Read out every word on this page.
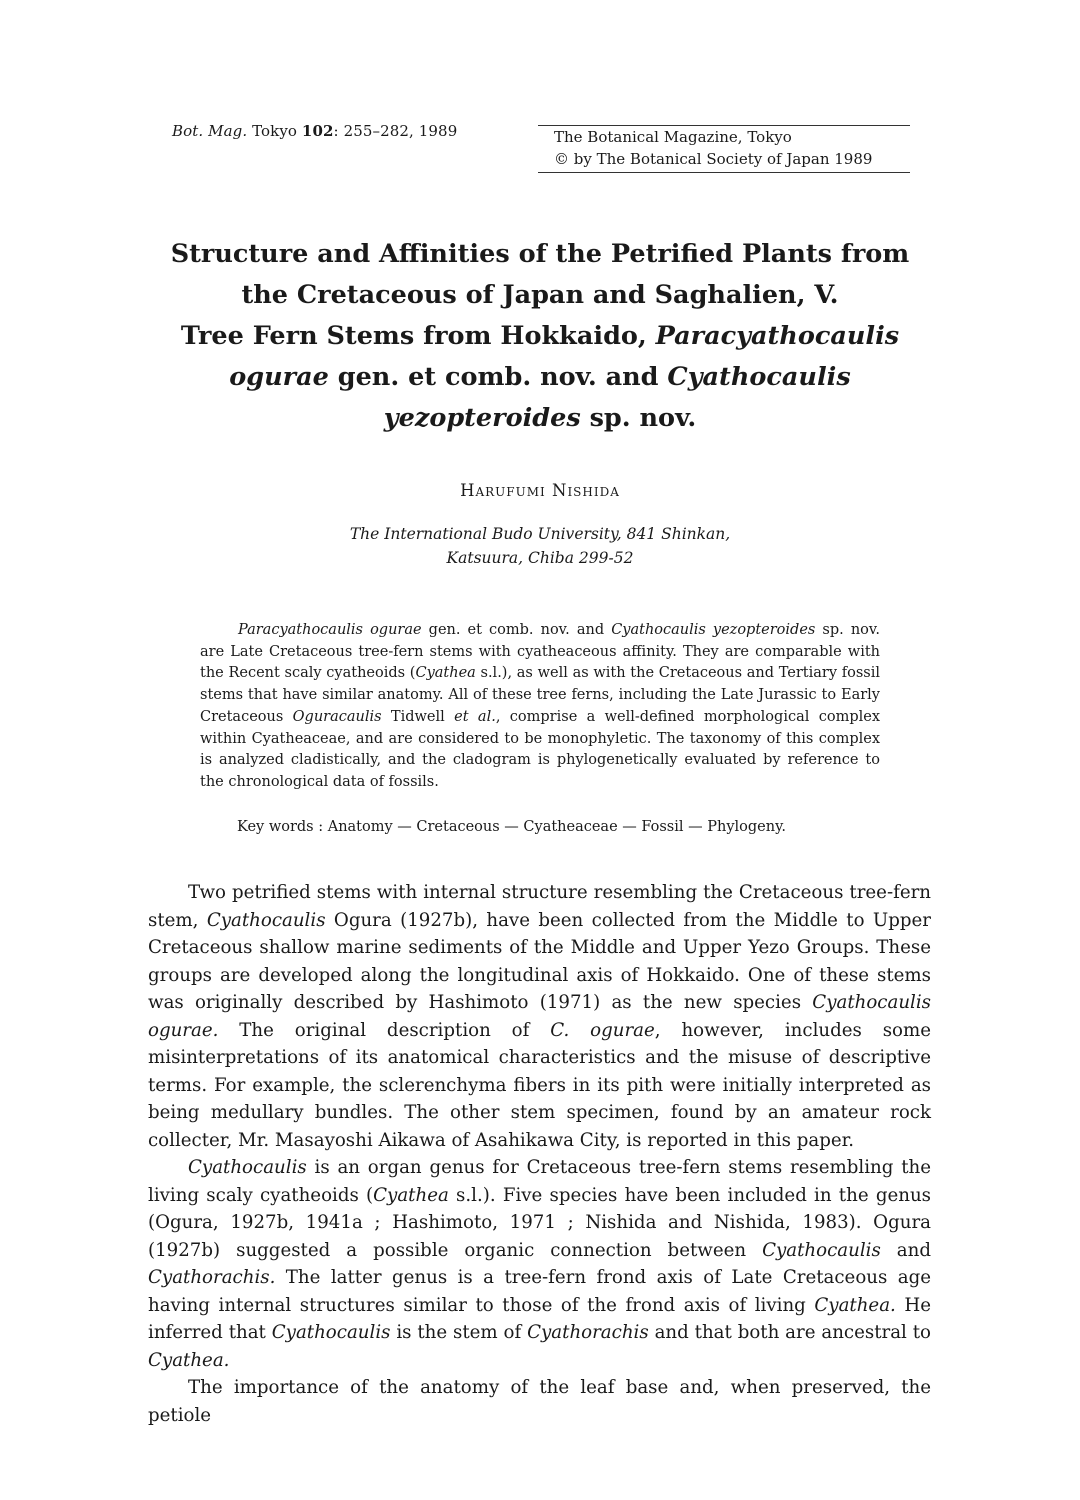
Bot. Mag. Tokyo 102: 255–282, 1989	The Botanical Magazine, Tokyo
© by The Botanical Society of Japan 1989
Structure and Affinities of the Petrified Plants from
the Cretaceous of Japan and Saghalien, V.
Tree Fern Stems from Hokkaido, Paracyathocaulis
ogurae gen. et comb. nov. and Cyathocaulis
yezopteroides sp. nov.
Harufumi Nishida
The International Budo University, 841 Shinkan,
Katsuura, Chiba 299-52
Paracyathocaulis ogurae gen. et comb. nov. and Cyathocaulis yezopteroides sp. nov. are Late Cretaceous tree-fern stems with cyatheaceous affinity. They are comparable with the Recent scaly cyatheoids (Cyathea s.l.), as well as with the Cretaceous and Tertiary fossil stems that have similar anatomy. All of these tree ferns, including the Late Jurassic to Early Cretaceous Oguracaulis Tidwell et al., comprise a well-defined morphological complex within Cyatheaceae, and are considered to be monophyletic. The taxonomy of this complex is analyzed cladistically, and the cladogram is phylogenetically evaluated by reference to the chronological data of fossils.
Key words : Anatomy — Cretaceous — Cyatheaceae — Fossil — Phylogeny.

Two petrified stems with internal structure resembling the Cretaceous tree-fern stem, Cyathocaulis Ogura (1927b), have been collected from the Middle to Upper Cretaceous shallow marine sediments of the Middle and Upper Yezo Groups. These groups are developed along the longitudinal axis of Hokkaido. One of these stems was originally described by Hashimoto (1971) as the new species Cyathocaulis ogurae. The original description of C. ogurae, however, includes some misinterpretations of its anatomical characteristics and the misuse of descriptive terms. For example, the sclerenchyma fibers in its pith were initially interpreted as being medullary bundles. The other stem specimen, found by an amateur rock collecter, Mr. Masayoshi Aikawa of Asahikawa City, is reported in this paper.

Cyathocaulis is an organ genus for Cretaceous tree-fern stems resembling the living scaly cyatheoids (Cyathea s.l.). Five species have been included in the genus (Ogura, 1927b, 1941a ; Hashimoto, 1971 ; Nishida and Nishida, 1983). Ogura (1927b) suggested a possible organic connection between Cyathocaulis and Cyathorachis. The latter genus is a tree-fern frond axis of Late Cretaceous age having internal structures similar to those of the frond axis of living Cyathea. He inferred that Cyathocaulis is the stem of Cyathorachis and that both are ancestral to Cyathea.

The importance of the anatomy of the leaf base and, when preserved, the petiole
